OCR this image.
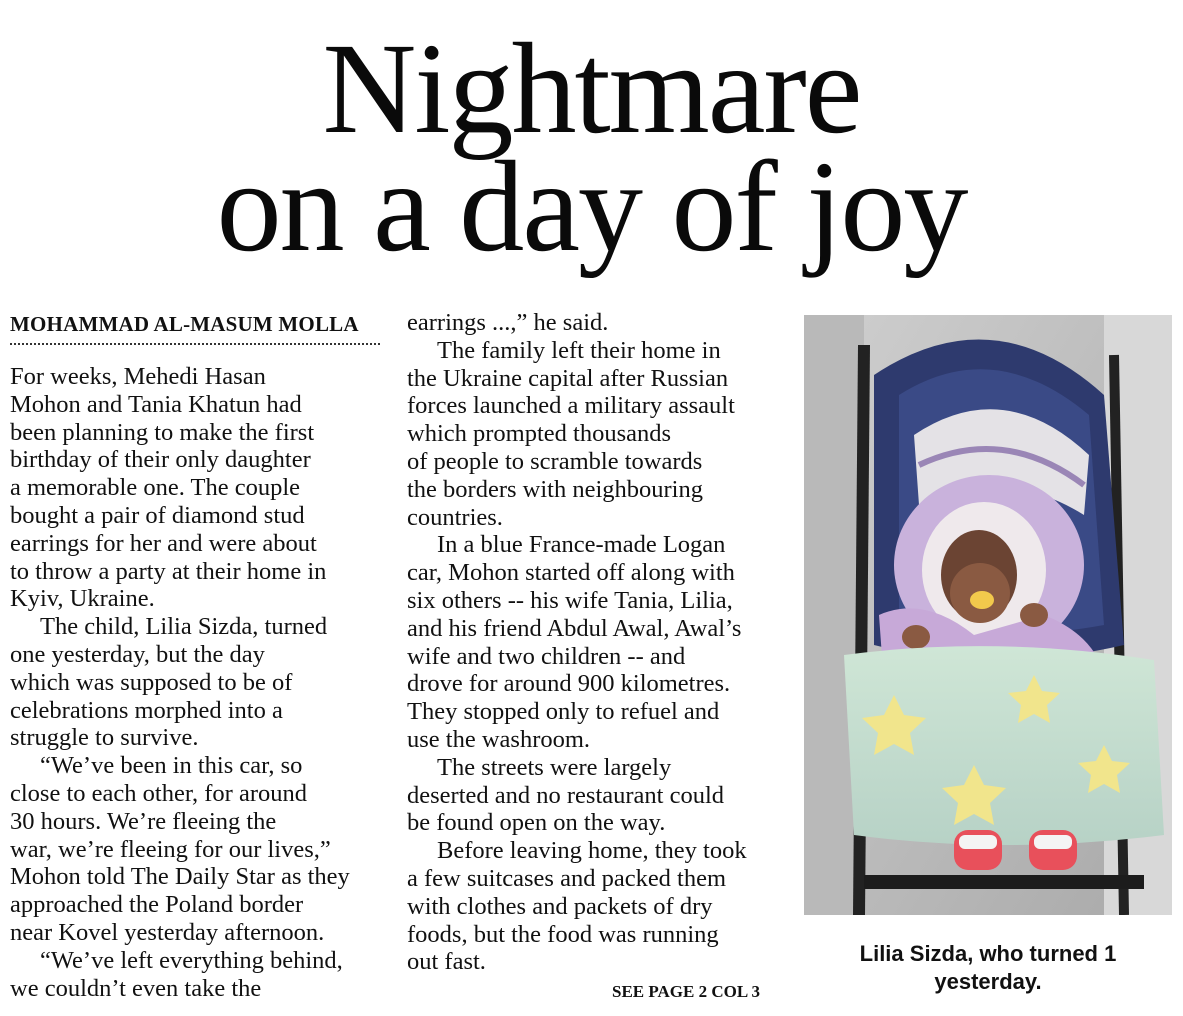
Nightmare
on a day of joy
MOHAMMAD AL-MASUM MOLLA

For weeks, Mehedi Hasan
Mohon and Tania Khatun had
been planning to make the first
birthday of their only daughter
a memorable one. The couple
bought a pair of diamond stud
earrings for her and were about
to throw a party at their home in
Kyiv, Ukraine.

The child, Lilia Sizda, turned
one yesterday, but the day
which was supposed to be of
celebrations morphed into a
struggle to survive.

“We’ve been in this car, so
close to each other, for around
30 hours. We’re fleeing the
war, we’re fleeing for our lives,”
Mohon told The Daily Star as they
approached the Poland border
near Kovel yesterday afternoon.

“We’ve left everything behind,
we couldn’t even take the

earrings ...,” he said.

The family left their home in
the Ukraine capital after Russian
forces launched a military assault
which prompted thousands
of people to scramble towards
the borders with neighbouring
countries.

In a blue France-made Logan
car, Mohon started off along with
six others -- his wife Tania, Lilia,
and his friend Abdul Awal, Awal’s
wife and two children -- and
drove for around 900 kilometres.
They stopped only to refuel and
use the washroom.

The streets were largely
deserted and no restaurant could
be found open on the way.

Before leaving home, they took
a few suitcases and packed them
with clothes and packets of dry
foods, but the food was running
out fast.

SEE PAGE 2 COL 3
Lilia Sizda, who turned 1
yesterday.
